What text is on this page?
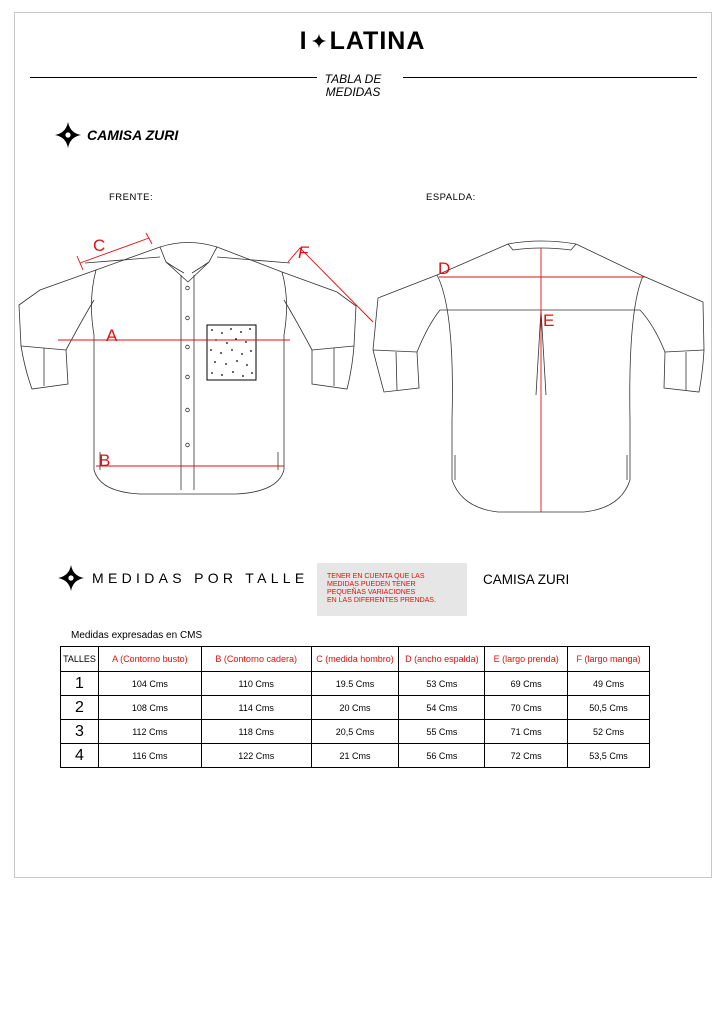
I LATINA
TABLA DE
MEDIDAS
CAMISA ZURI
FRENTE:	ESPALDA:
A
B
C	F
D
E
MEDIDAS POR TALLE	TENER EN CUENTA QUE LAS
MEDIDAS PUEDEN TENER
PEQUEÑAS VARIACIONES
EN LAS DIFERENTES PRENDAS.
CAMISA ZURI
Medidas expresadas en CMS
TALLES	A (Contorno busto)	B (Contorno cadera)	C (medida hombro)	D (ancho espalda)	E (largo prenda)	F (largo manga)
1	104 Cms	110 Cms	19.5 Cms	53 Cms	69 Cms	49 Cms
2	108 Cms	114 Cms	20 Cms	54 Cms	70 Cms	50,5 Cms
3	112 Cms	118 Cms	20,5 Cms	55 Cms	71 Cms	52 Cms
4	116 Cms	122 Cms	21 Cms	56 Cms	72 Cms	53,5 Cms
